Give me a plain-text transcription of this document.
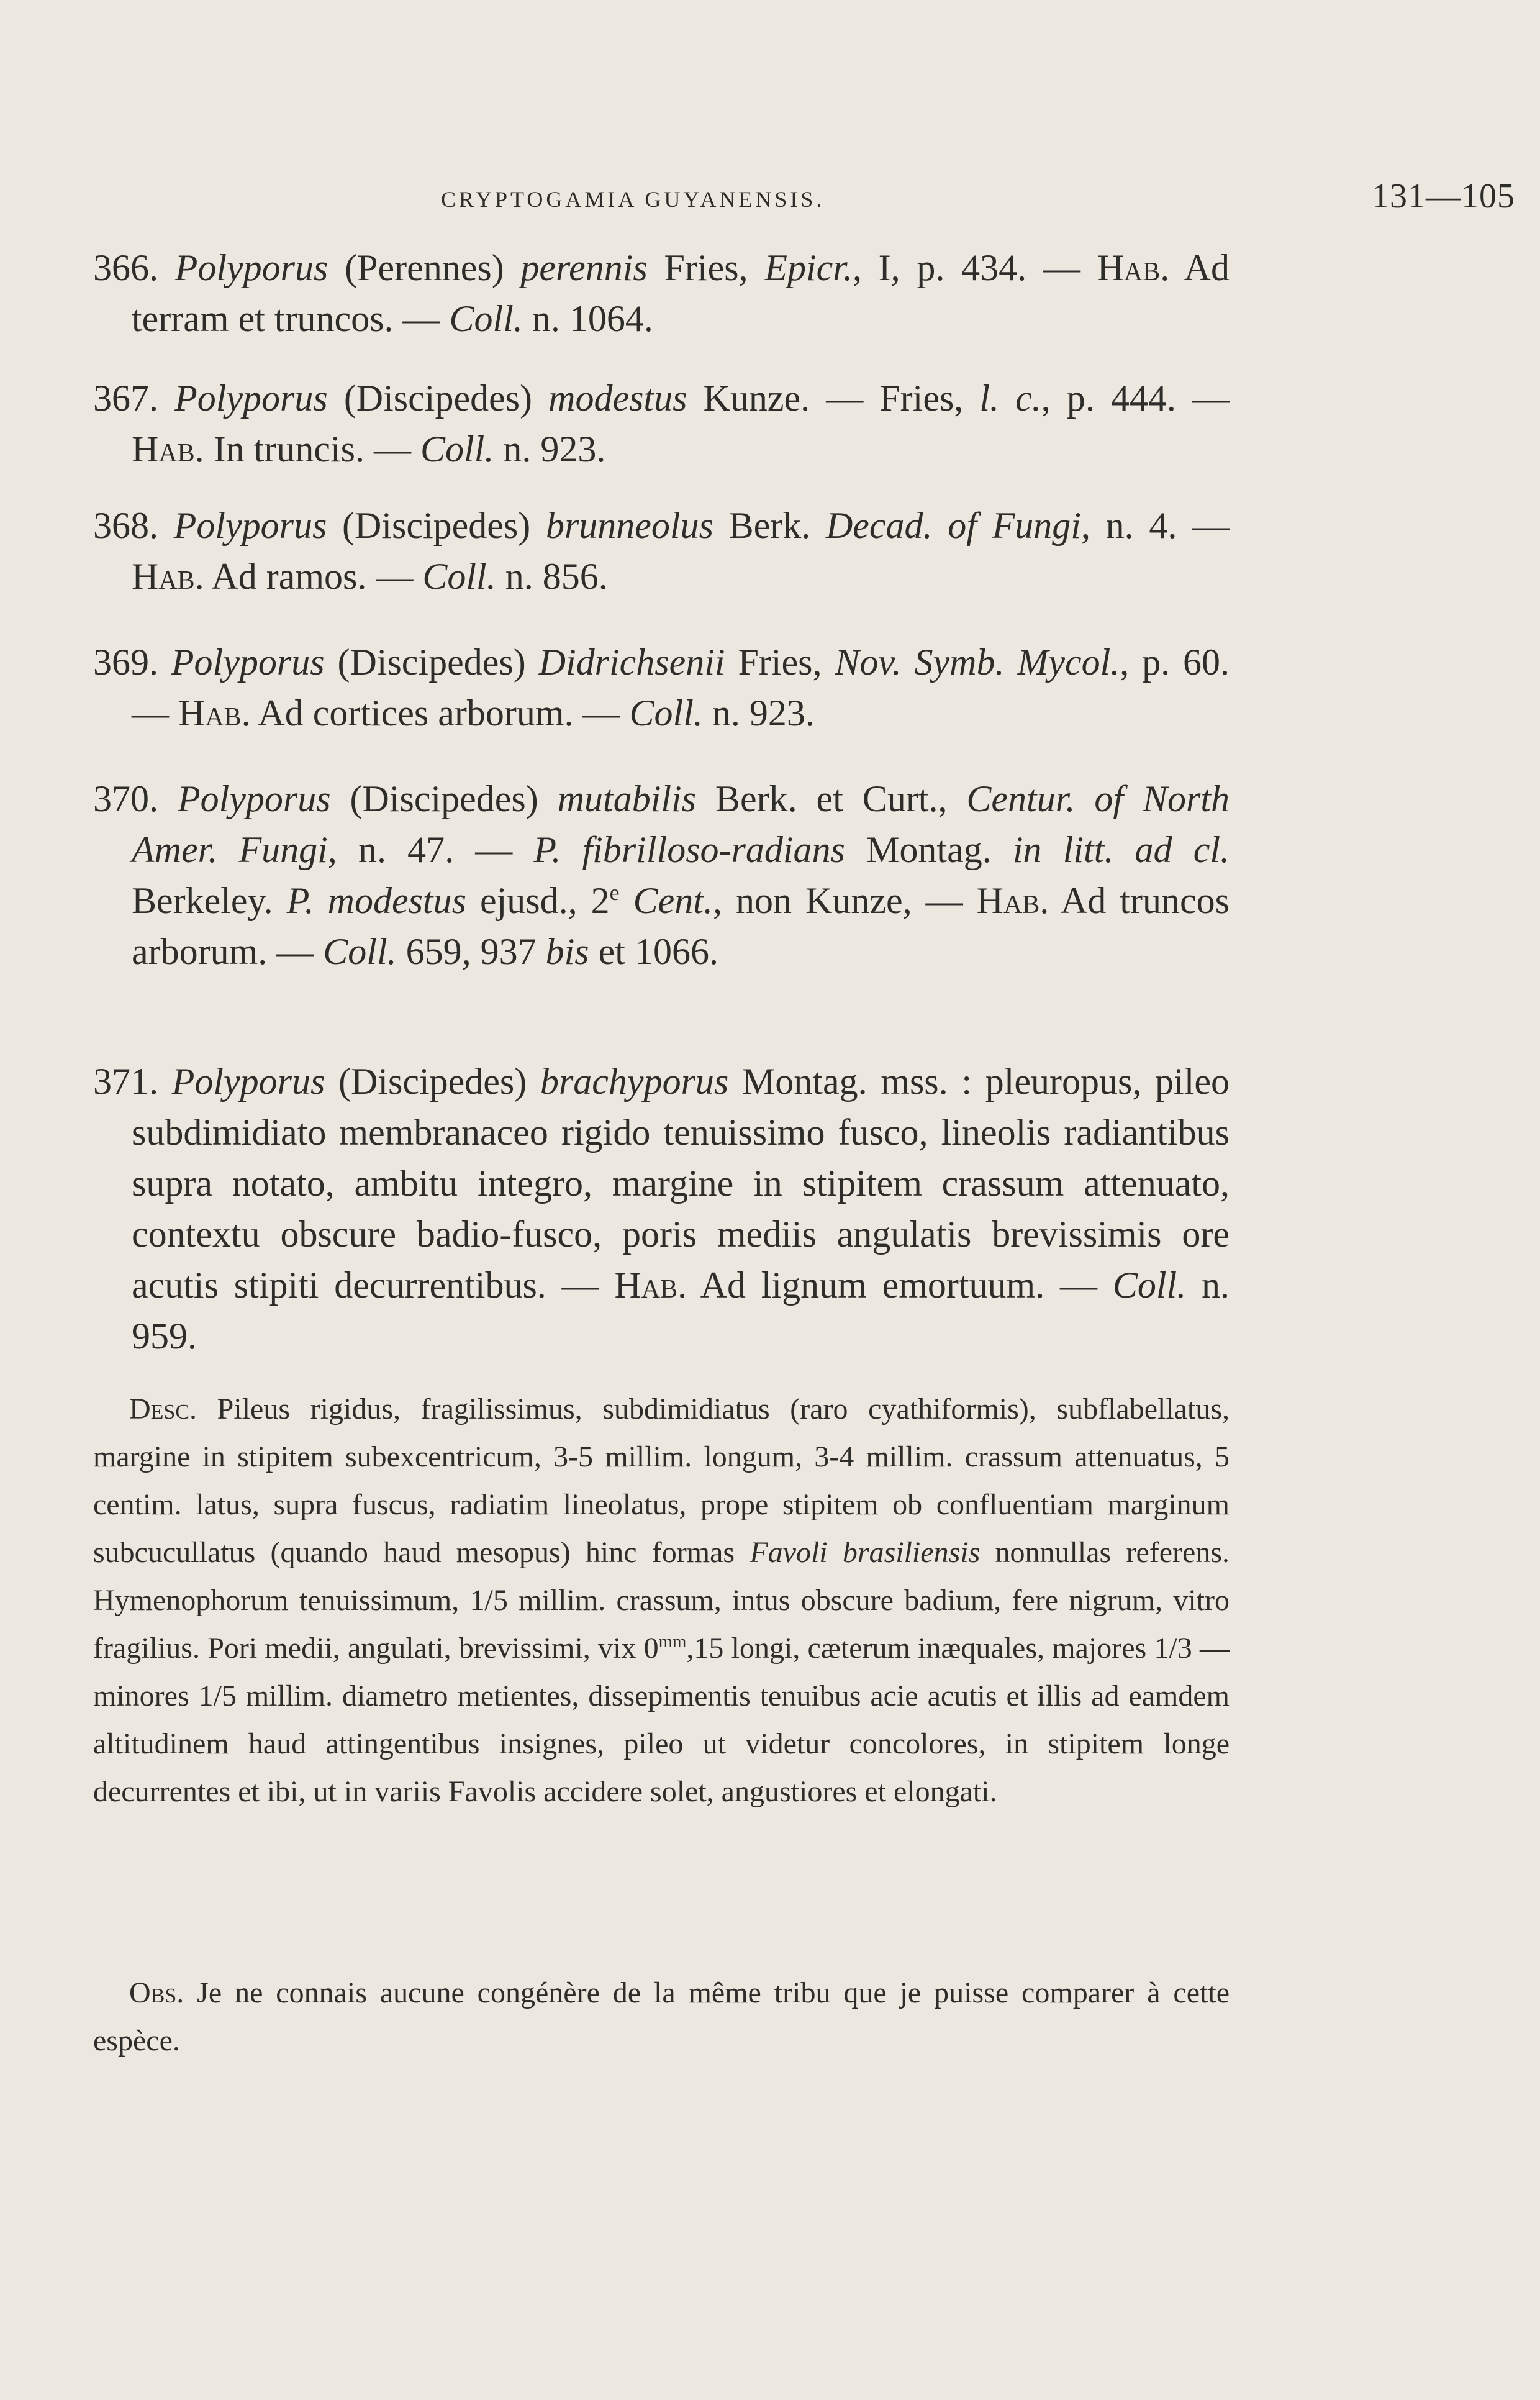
CRYPTOGAMIA GUYANENSIS.	131—105

366. Polyporus (Perennes) perennis Fries, Epicr., I, p. 434. — Hab. Ad terram et truncos. — Coll. n. 1064.

367. Polyporus (Discipedes) modestus Kunze. — Fries, l. c., p. 444. — Hab. In truncis. — Coll. n. 923.

368. Polyporus (Discipedes) brunneolus Berk. Decad. of Fungi, n. 4. — Hab. Ad ramos. — Coll. n. 856.

369. Polyporus (Discipedes) Didrichsenii Fries, Nov. Symb. Mycol., p. 60. — Hab. Ad cortices arborum. — Coll. n. 923.

370. Polyporus (Discipedes) mutabilis Berk. et Curt., Centur. of North Amer. Fungi, n. 47. — P. fibrilloso-radians Montag. in litt. ad cl. Berkeley. P. modestus ejusd., 2e Cent., non Kunze, — Hab. Ad truncos arborum. — Coll. 659, 937 bis et 1066.

371. Polyporus (Discipedes) brachyporus Montag. mss. : pleuropus, pileo subdimidiato membranaceo rigido tenuissimo fusco, lineolis radiantibus supra notato, ambitu integro, margine in stipitem crassum attenuato, contextu obscure badio-fusco, poris mediis angulatis brevissimis ore acutis stipiti decurrentibus. — Hab. Ad lignum emortuum. — Coll. n. 959.

Desc. Pileus rigidus, fragilissimus, subdimidiatus (raro cyathiformis), subflabellatus, margine in stipitem subexcentricum, 3-5 millim. longum, 3-4 millim. crassum attenuatus, 5 centim. latus, supra fuscus, radiatim lineolatus, prope stipitem ob confluentiam marginum subcucullatus (quando haud mesopus) hinc formas Favoli brasiliensis nonnullas referens. Hymenophorum tenuissimum, 1/5 millim. crassum, intus obscure badium, fere nigrum, vitro fragilius. Pori medii, angulati, brevissimi, vix $0^{mm},15$ longi, cæterum inæquales, majores 1/3 — minores 1/5 millim. diametro metientes, dissepimentis tenuibus acie acutis et illis ad eamdem altitudinem haud attingentibus insignes, pileo ut videtur concolores, in stipitem longe decurrentes et ibi, ut in variis Favolis accidere solet, angustiores et elongati.

Obs. Je ne connais aucune congénère de la même tribu que je puisse comparer à cette espèce.
